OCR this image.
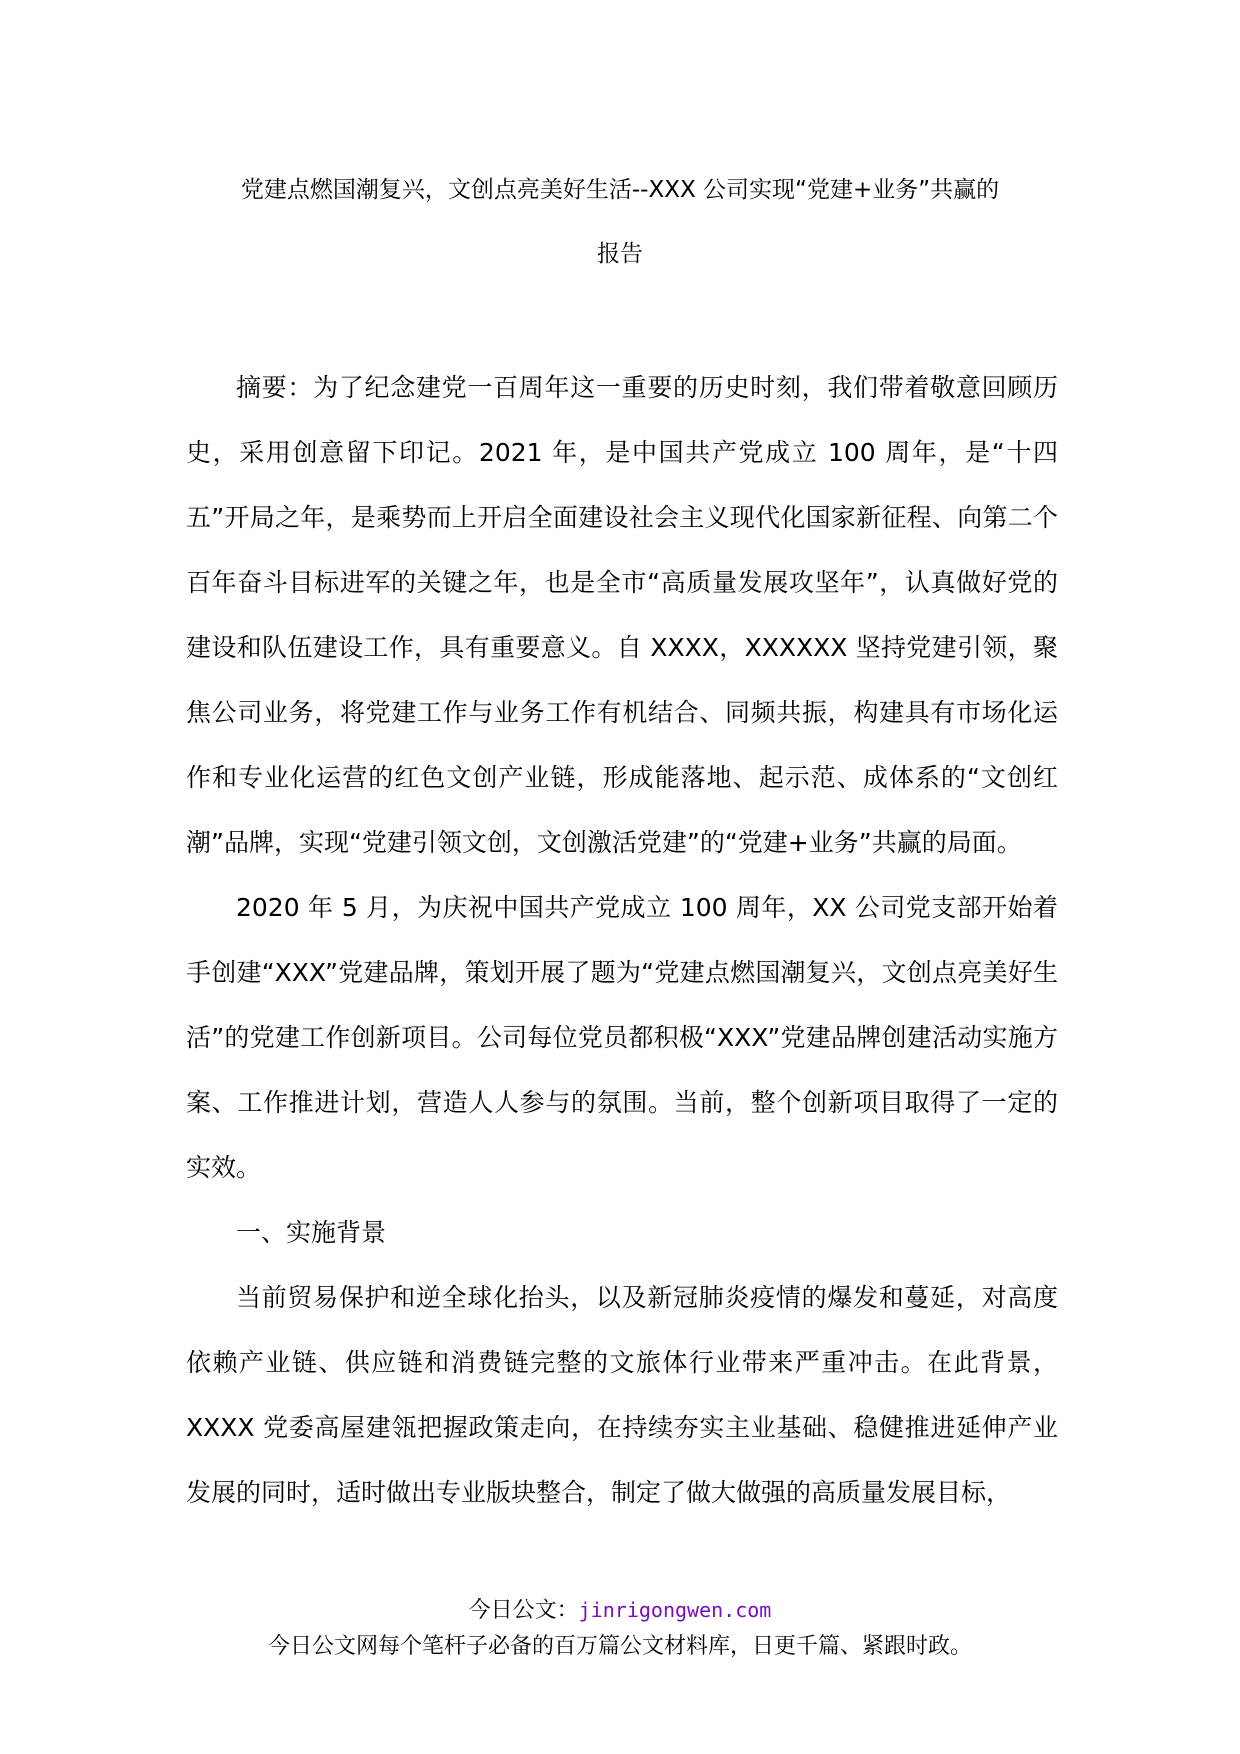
党建点燃国潮复兴，文创点亮美好生活--XXX 公司实现“党建+业务”共赢的
报告

摘要：为了纪念建党一百周年这一重要的历史时刻，我们带着敬意回顾历史，采用创意留下印记。2021 年，是中国共产党成立 100 周年，是“十四五”开局之年，是乘势而上开启全面建设社会主义现代化国家新征程、向第二个百年奋斗目标进军的关键之年，也是全市“高质量发展攻坚年”，认真做好党的建设和队伍建设工作，具有重要意义。自 XXXX，XXXXXX 坚持党建引领，聚焦公司业务，将党建工作与业务工作有机结合、同频共振，构建具有市场化运作和专业化运营的红色文创产业链，形成能落地、起示范、成体系的“文创红潮”品牌，实现“党建引领文创，文创激活党建”的“党建+业务”共赢的局面。

2020 年 5 月，为庆祝中国共产党成立 100 周年，XX 公司党支部开始着手创建“XXX”党建品牌，策划开展了题为“党建点燃国潮复兴，文创点亮美好生活”的党建工作创新项目。公司每位党员都积极“XXX”党建品牌创建活动实施方案、工作推进计划，营造人人参与的氛围。当前，整个创新项目取得了一定的实效。

一、实施背景

当前贸易保护和逆全球化抬头，以及新冠肺炎疫情的爆发和蔓延，对高度依赖产业链、供应链和消费链完整的文旅体行业带来严重冲击。在此背景，XXXX 党委高屋建瓴把握政策走向，在持续夯实主业基础、稳健推进延伸产业发展的同时，适时做出专业版块整合，制定了做大做强的高质量发展目标，

今日公文：jinrigongwen.com
今日公文网每个笔杆子必备的百万篇公文材料库，日更千篇、紧跟时政。
